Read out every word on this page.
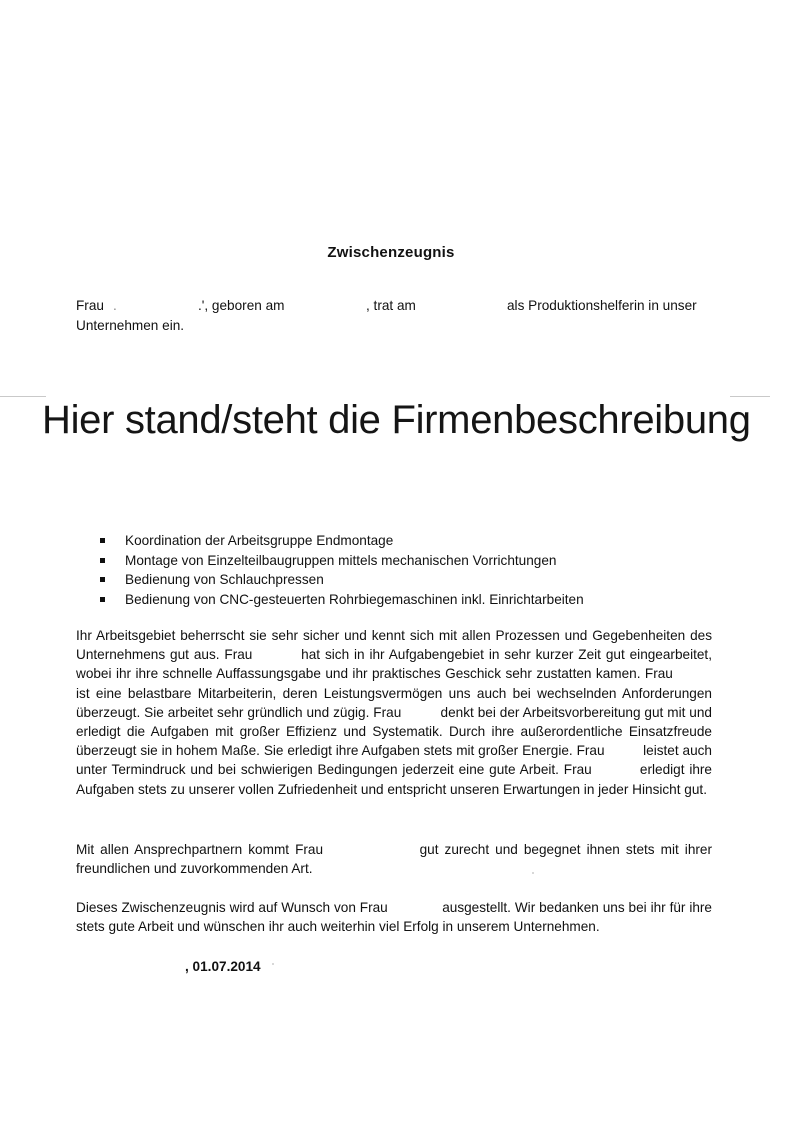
Zwischenzeugnis
Frau .	.', geboren am	, trat am	als Produktionshelferin in unser
Unternehmen ein.
Hier stand/steht die Firmenbeschreibung
Koordination der Arbeitsgruppe Endmontage
Montage von Einzelteilbaugruppen mittels mechanischen Vorrichtungen
Bedienung von Schlauchpressen
Bedienung von CNC-gesteuerten Rohrbiegemaschinen inkl. Einrichtarbeiten
Ihr Arbeitsgebiet beherrscht sie sehr sicher und kennt sich mit allen Prozessen und Gegebenheiten des Unternehmens gut aus. Frau          hat sich in ihr Aufgabengebiet in sehr kurzer Zeit gut eingearbeitet, wobei ihr ihre schnelle Auffassungsgabe und ihr praktisches Geschick sehr zustatten kamen. Frau          ist eine belastbare Mitarbeiterin, deren Leistungsvermögen uns auch bei wechselnden Anforderungen überzeugt. Sie arbeitet sehr gründlich und zügig. Frau          denkt bei der Arbeitsvorbereitung gut mit und erledigt die Aufgaben mit großer Effizienz und Systematik. Durch ihre außerordentliche Einsatzfreude überzeugt sie in hohem Maße. Sie erledigt ihre Aufgaben stets mit großer Energie. Frau          leistet auch unter Termindruck und bei schwierigen Bedingungen jederzeit eine gute Arbeit. Frau          erledigt ihre Aufgaben stets zu unserer vollen Zufriedenheit und entspricht unseren Erwartungen in jeder Hinsicht gut.
Mit allen Ansprechpartnern kommt Frau                gut zurecht und begegnet ihnen stets mit ihrer freundlichen und zuvorkommenden Art.
Dieses Zwischenzeugnis wird auf Wunsch von Frau              ausgestellt. Wir bedanken uns bei ihr für ihre stets gute Arbeit und wünschen ihr auch weiterhin viel Erfolg in unserem Unternehmen.
, 01.07.2014
